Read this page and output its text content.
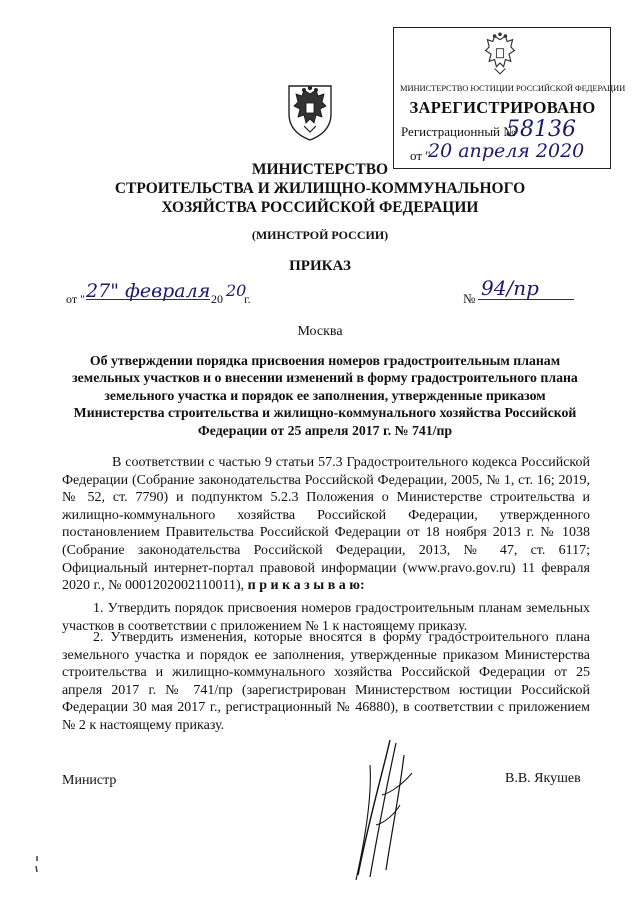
МИНИСТЕРСТВО ЮСТИЦИИ РОССИЙСКОЙ ФЕДЕРАЦИИ
ЗАРЕГИСТРИРОВАНО
Регистрационный №
58136
от "
20 апреля 2020
МИНИСТЕРСТВО
СТРОИТЕЛЬСТВА И ЖИЛИЩНО-КОММУНАЛЬНОГО
ХОЗЯЙСТВА РОССИЙСКОЙ ФЕДЕРАЦИИ
(МИНСТРОЙ РОССИИ)
ПРИКАЗ
от " 27" февраля 20 20
г.	№ 94/пр
Москва
Об утверждении порядка присвоения номеров градостроительным планам земельных участков и о внесении изменений в форму градостроительного плана земельного участка и порядок ее заполнения, утвержденные приказом Министерства строительства и жилищно-коммунального хозяйства Российской Федерации от 25 апреля 2017 г. № 741/пр
В соответствии с частью 9 статьи 57.3 Градостроительного кодекса Российской Федерации (Собрание законодательства Российской Федерации, 2005, № 1, ст. 16; 2019, № 52, ст. 7790) и подпунктом 5.2.3 Положения о Министерстве строительства и жилищно-коммунального хозяйства Российской Федерации, утвержденного постановлением Правительства Российской Федерации от 18 ноября 2013 г. № 1038 (Собрание законодательства Российской Федерации, 2013, № 47, ст. 6117; Официальный интернет-портал правовой информации (www.pravo.gov.ru) 11 февраля 2020 г., № 0001202002110011), п р и к а з ы в а ю:
1. Утвердить порядок присвоения номеров градостроительным планам земельных участков в соответствии с приложением № 1 к настоящему приказу.
2. Утвердить изменения, которые вносятся в форму градостроительного плана земельного участка и порядок ее заполнения, утвержденные приказом Министерства строительства и жилищно-коммунального хозяйства Российской Федерации от 25 апреля 2017 г. № 741/пр (зарегистрирован Министерством юстиции Российской Федерации 30 мая 2017 г., регистрационный № 46880), в соответствии с приложением № 2 к настоящему приказу.
Министр	В.В. Якушев
